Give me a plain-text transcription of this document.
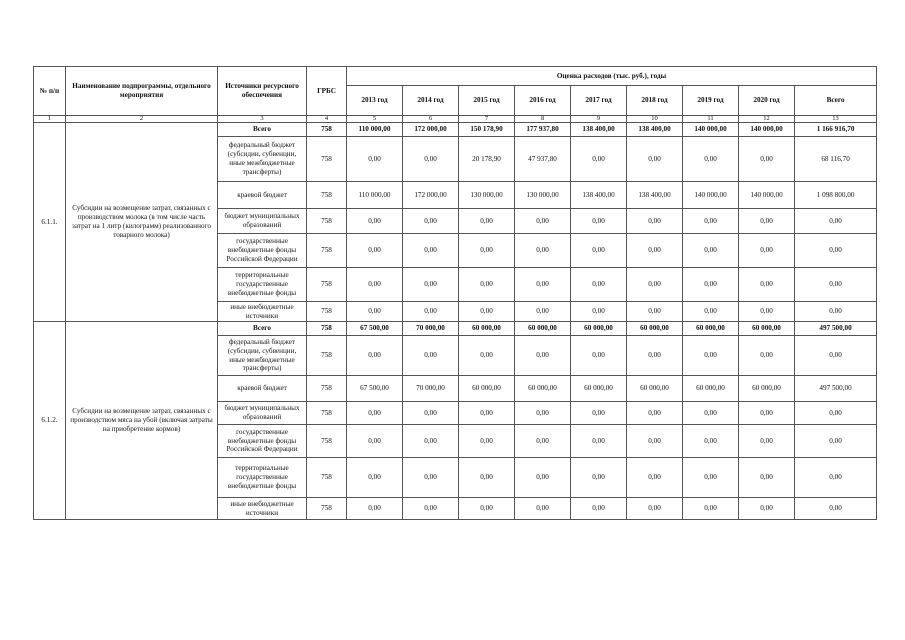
№ п/п	Наименование подпрограммы, отдельного мероприятия	Источники ресурсного обеспечения	ГРБС	Оценка расходов (тыс. руб.), годы								
				2013 год	2014 год	2015 год	2016 год	2017 год	2018 год	2019 год	2020 год	Всего
1	2	3	4	5	6	7	8	9	10	11	12	13
6.1.1.	Субсидии на возмещение затрат, связанных с производством молока (в том числе часть затрат на 1 литр (килограмм) реализованного товарного молока)	Всего	758	110 000,00	172 000,00	150 178,90	177 937,80	138 400,00	138 400,00	140 000,00	140 000,00	1 166 916,70
		федеральный бюджет (субсидии, субвенции, иные межбюджетные трансферты)	758	0,00	0,00	20 178,90	47 937,80	0,00	0,00	0,00	0,00	68 116,70
		краевой бюджет	758	110 000,00	172 000,00	130 000,00	130 000,00	138 400,00	138 400,00	140 000,00	140 000,00	1 098 800,00
		бюджет муниципальных образований	758	0,00	0,00	0,00	0,00	0,00	0,00	0,00	0,00	0,00
		государственные внебюджетные фонды Российской Федерации	758	0,00	0,00	0,00	0,00	0,00	0,00	0,00	0,00	0,00
		территориальные государственные внебюджетные фонды	758	0,00	0,00	0,00	0,00	0,00	0,00	0,00	0,00	0,00
		иные внебюджетные источники	758	0,00	0,00	0,00	0,00	0,00	0,00	0,00	0,00	0,00
6.1.2.	Субсидии на возмещение затрат, связанных с производством мяса на убой (включая затраты на приобретение кормов)	Всего	758	67 500,00	70 000,00	60 000,00	60 000,00	60 000,00	60 000,00	60 000,00	60 000,00	497 500,00
		федеральный бюджет (субсидии, субвенции, иные межбюджетные трансферты)	758	0,00	0,00	0,00	0,00	0,00	0,00	0,00	0,00	0,00
		краевой бюджет	758	67 500,00	70 000,00	60 000,00	60 000,00	60 000,00	60 000,00	60 000,00	60 000,00	497 500,00
		бюджет муниципальных образований	758	0,00	0,00	0,00	0,00	0,00	0,00	0,00	0,00	0,00
		государственные внебюджетные фонды Российской Федерации	758	0,00	0,00	0,00	0,00	0,00	0,00	0,00	0,00	0,00
		территориальные государственные внебюджетные фонды	758	0,00	0,00	0,00	0,00	0,00	0,00	0,00	0,00	0,00
		иные внебюджетные источники	758	0,00	0,00	0,00	0,00	0,00	0,00	0,00	0,00	0,00
